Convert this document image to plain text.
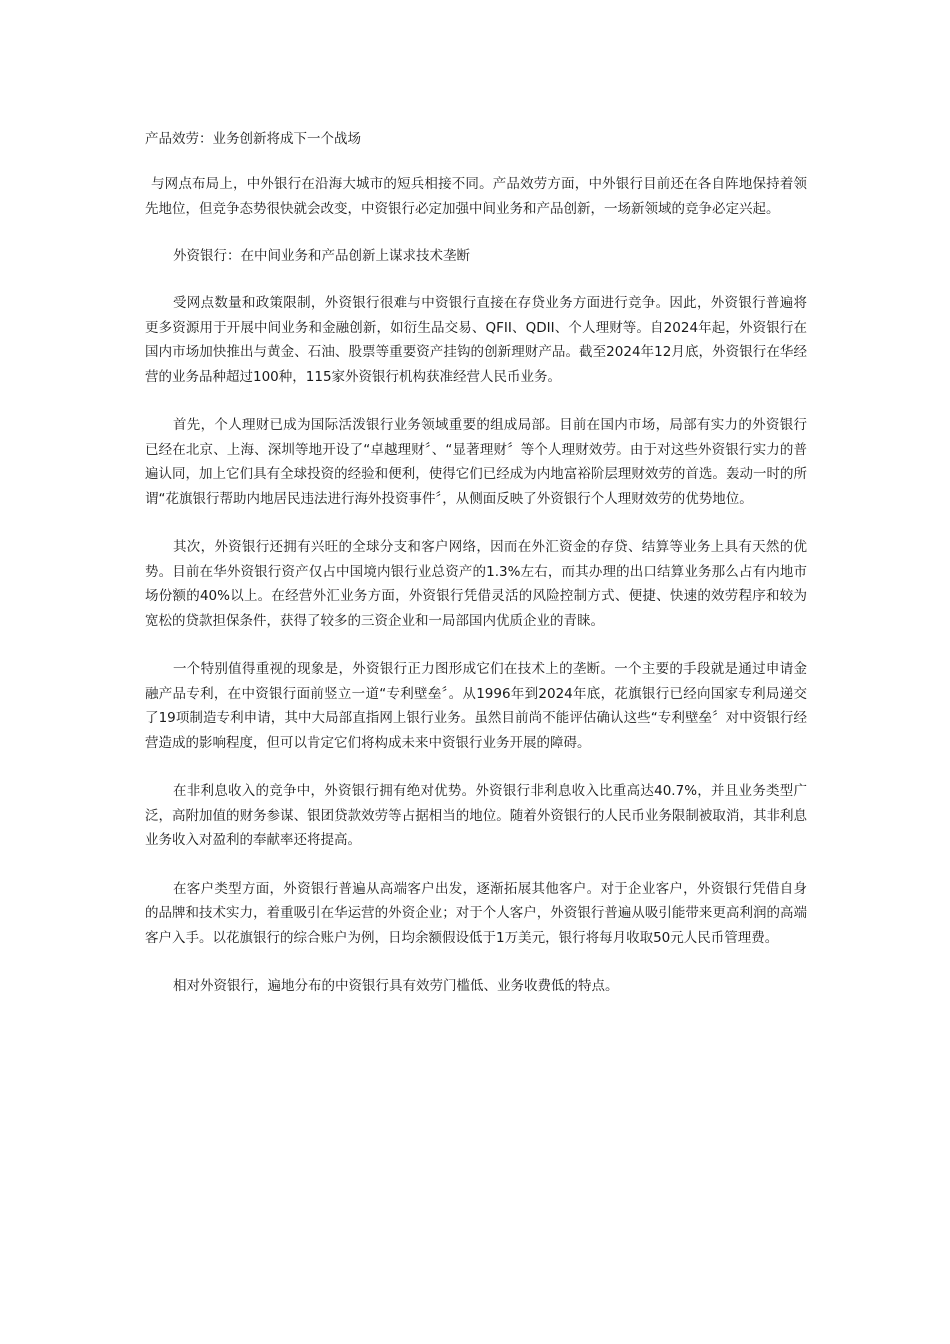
产品效劳：业务创新将成下一个战场

与网点布局上，中外银行在沿海大城市的短兵相接不同。产品效劳方面，中外银行目前还在各自阵地保持着领先地位，但竞争态势很快就会改变，中资银行必定加强中间业务和产品创新，一场新领域的竞争必定兴起。

外资银行：在中间业务和产品创新上谋求技术垄断

受网点数量和政策限制，外资银行很难与中资银行直接在存贷业务方面进行竞争。因此，外资银行普遍将更多资源用于开展中间业务和金融创新，如衍生品交易、QFII、QDII、个人理财等。自2024年起，外资银行在国内市场加快推出与黄金、石油、股票等重要资产挂钩的创新理财产品。截至2024年12月底，外资银行在华经营的业务品种超过100种，115家外资银行机构获准经营人民币业务。

首先，个人理财已成为国际活泼银行业务领域重要的组成局部。目前在国内市场，局部有实力的外资银行已经在北京、上海、深圳等地开设了“卓越理财〞、“显著理财〞等个人理财效劳。由于对这些外资银行实力的普遍认同，加上它们具有全球投资的经验和便利，使得它们已经成为内地富裕阶层理财效劳的首选。轰动一时的所谓“花旗银行帮助内地居民违法进行海外投资事件〞，从侧面反映了外资银行个人理财效劳的优势地位。

其次，外资银行还拥有兴旺的全球分支和客户网络，因而在外汇资金的存贷、结算等业务上具有天然的优势。目前在华外资银行资产仅占中国境内银行业总资产的1.3%左右，而其办理的出口结算业务那么占有内地市场份额的40%以上。在经营外汇业务方面，外资银行凭借灵活的风险控制方式、便捷、快速的效劳程序和较为宽松的贷款担保条件，获得了较多的三资企业和一局部国内优质企业的青睐。

一个特别值得重视的现象是，外资银行正力图形成它们在技术上的垄断。一个主要的手段就是通过申请金融产品专利，在中资银行面前竖立一道“专利壁垒〞。从1996年到2024年底，花旗银行已经向国家专利局递交了19项制造专利申请，其中大局部直指网上银行业务。虽然目前尚不能评估确认这些“专利壁垒〞对中资银行经营造成的影响程度，但可以肯定它们将构成未来中资银行业务开展的障碍。

在非利息收入的竞争中，外资银行拥有绝对优势。外资银行非利息收入比重高达40.7%，并且业务类型广泛，高附加值的财务参谋、银团贷款效劳等占据相当的地位。随着外资银行的人民币业务限制被取消，其非利息业务收入对盈利的奉献率还将提高。

在客户类型方面，外资银行普遍从高端客户出发，逐渐拓展其他客户。对于企业客户，外资银行凭借自身的品牌和技术实力，着重吸引在华运营的外资企业；对于个人客户，外资银行普遍从吸引能带来更高利润的高端客户入手。以花旗银行的综合账户为例，日均余额假设低于1万美元，银行将每月收取50元人民币管理费。

相对外资银行，遍地分布的中资银行具有效劳门槛低、业务收费低的特点。
